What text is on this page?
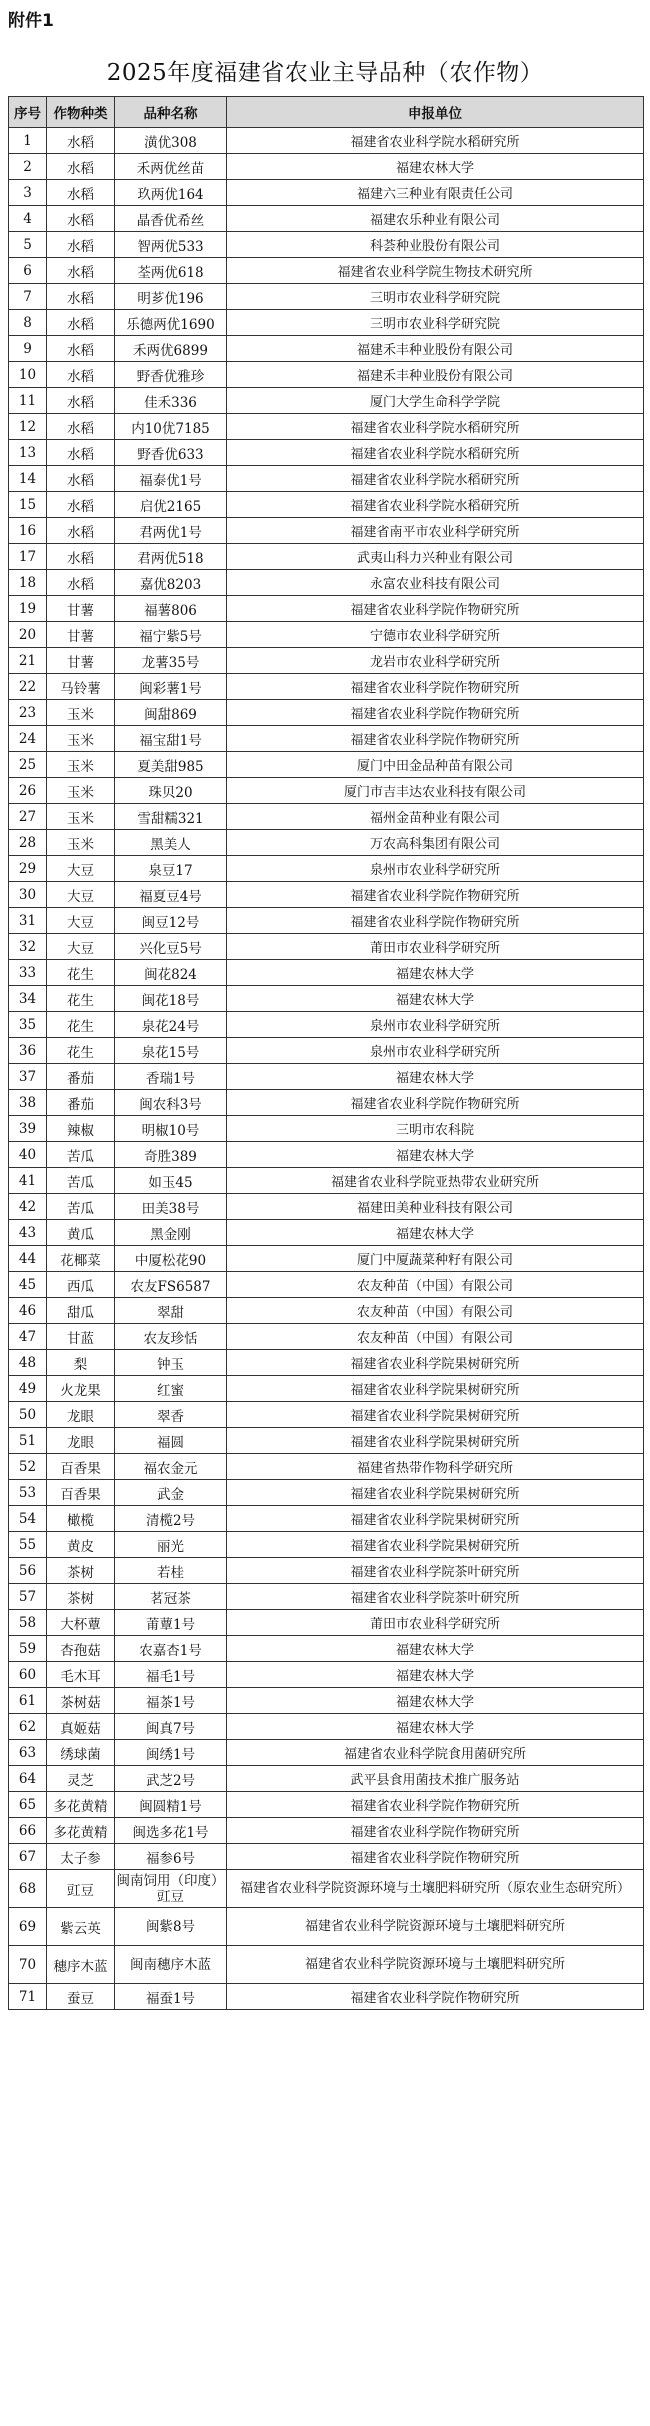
附件1
2025年度福建省农业主导品种（农作物）
序号	作物种类	品种名称	申报单位
1	水稻	潢优308	福建省农业科学院水稻研究所
2	水稻	禾两优丝苗	福建农林大学
3	水稻	玖两优164	福建六三种业有限责任公司
4	水稻	晶香优希丝	福建农乐种业有限公司
5	水稻	智两优533	科荟种业股份有限公司
6	水稻	荃两优618	福建省农业科学院生物技术研究所
7	水稻	明芗优196	三明市农业科学研究院
8	水稻	乐德两优1690	三明市农业科学研究院
9	水稻	禾两优6899	福建禾丰种业股份有限公司
10	水稻	野香优雅珍	福建禾丰种业股份有限公司
11	水稻	佳禾336	厦门大学生命科学学院
12	水稻	内10优7185	福建省农业科学院水稻研究所
13	水稻	野香优633	福建省农业科学院水稻研究所
14	水稻	福泰优1号	福建省农业科学院水稻研究所
15	水稻	启优2165	福建省农业科学院水稻研究所
16	水稻	君两优1号	福建省南平市农业科学研究所
17	水稻	君两优518	武夷山科力兴种业有限公司
18	水稻	嘉优8203	永富农业科技有限公司
19	甘薯	福薯806	福建省农业科学院作物研究所
20	甘薯	福宁紫5号	宁德市农业科学研究所
21	甘薯	龙薯35号	龙岩市农业科学研究所
22	马铃薯	闽彩薯1号	福建省农业科学院作物研究所
23	玉米	闽甜869	福建省农业科学院作物研究所
24	玉米	福宝甜1号	福建省农业科学院作物研究所
25	玉米	夏美甜985	厦门中田金品种苗有限公司
26	玉米	珠贝20	厦门市吉丰达农业科技有限公司
27	玉米	雪甜糯321	福州金苗种业有限公司
28	玉米	黑美人	万农高科集团有限公司
29	大豆	泉豆17	泉州市农业科学研究所
30	大豆	福夏豆4号	福建省农业科学院作物研究所
31	大豆	闽豆12号	福建省农业科学院作物研究所
32	大豆	兴化豆5号	莆田市农业科学研究所
33	花生	闽花824	福建农林大学
34	花生	闽花18号	福建农林大学
35	花生	泉花24号	泉州市农业科学研究所
36	花生	泉花15号	泉州市农业科学研究所
37	番茄	香瑞1号	福建农林大学
38	番茄	闽农科3号	福建省农业科学院作物研究所
39	辣椒	明椒10号	三明市农科院
40	苦瓜	奇胜389	福建农林大学
41	苦瓜	如玉45	福建省农业科学院亚热带农业研究所
42	苦瓜	田美38号	福建田美种业科技有限公司
43	黄瓜	黑金刚	福建农林大学
44	花椰菜	中厦松花90	厦门中厦蔬菜种籽有限公司
45	西瓜	农友FS6587	农友种苗（中国）有限公司
46	甜瓜	翠甜	农友种苗（中国）有限公司
47	甘蓝	农友珍恬	农友种苗（中国）有限公司
48	梨	钟玉	福建省农业科学院果树研究所
49	火龙果	红蜜	福建省农业科学院果树研究所
50	龙眼	翠香	福建省农业科学院果树研究所
51	龙眼	福圆	福建省农业科学院果树研究所
52	百香果	福农金元	福建省热带作物科学研究所
53	百香果	武金	福建省农业科学院果树研究所
54	橄榄	清榄2号	福建省农业科学院果树研究所
55	黄皮	丽光	福建省农业科学院果树研究所
56	茶树	若桂	福建省农业科学院茶叶研究所
57	茶树	茗冠茶	福建省农业科学院茶叶研究所
58	大杯蕈	莆蕈1号	莆田市农业科学研究所
59	杏孢菇	农嘉杏1号	福建农林大学
60	毛木耳	福毛1号	福建农林大学
61	茶树菇	福茶1号	福建农林大学
62	真姬菇	闽真7号	福建农林大学
63	绣球菌	闽绣1号	福建省农业科学院食用菌研究所
64	灵芝	武芝2号	武平县食用菌技术推广服务站
65	多花黄精	闽圆精1号	福建省农业科学院作物研究所
66	多花黄精	闽选多花1号	福建省农业科学院作物研究所
67	太子参	福参6号	福建省农业科学院作物研究所
68	豇豆	闽南饲用（印度）豇豆	福建省农业科学院资源环境与土壤肥料研究所（原农业生态研究所）
69	紫云英	闽紫8号	福建省农业科学院资源环境与土壤肥料研究所
70	穗序木蓝	闽南穗序木蓝	福建省农业科学院资源环境与土壤肥料研究所
71	蚕豆	福蚕1号	福建省农业科学院作物研究所
